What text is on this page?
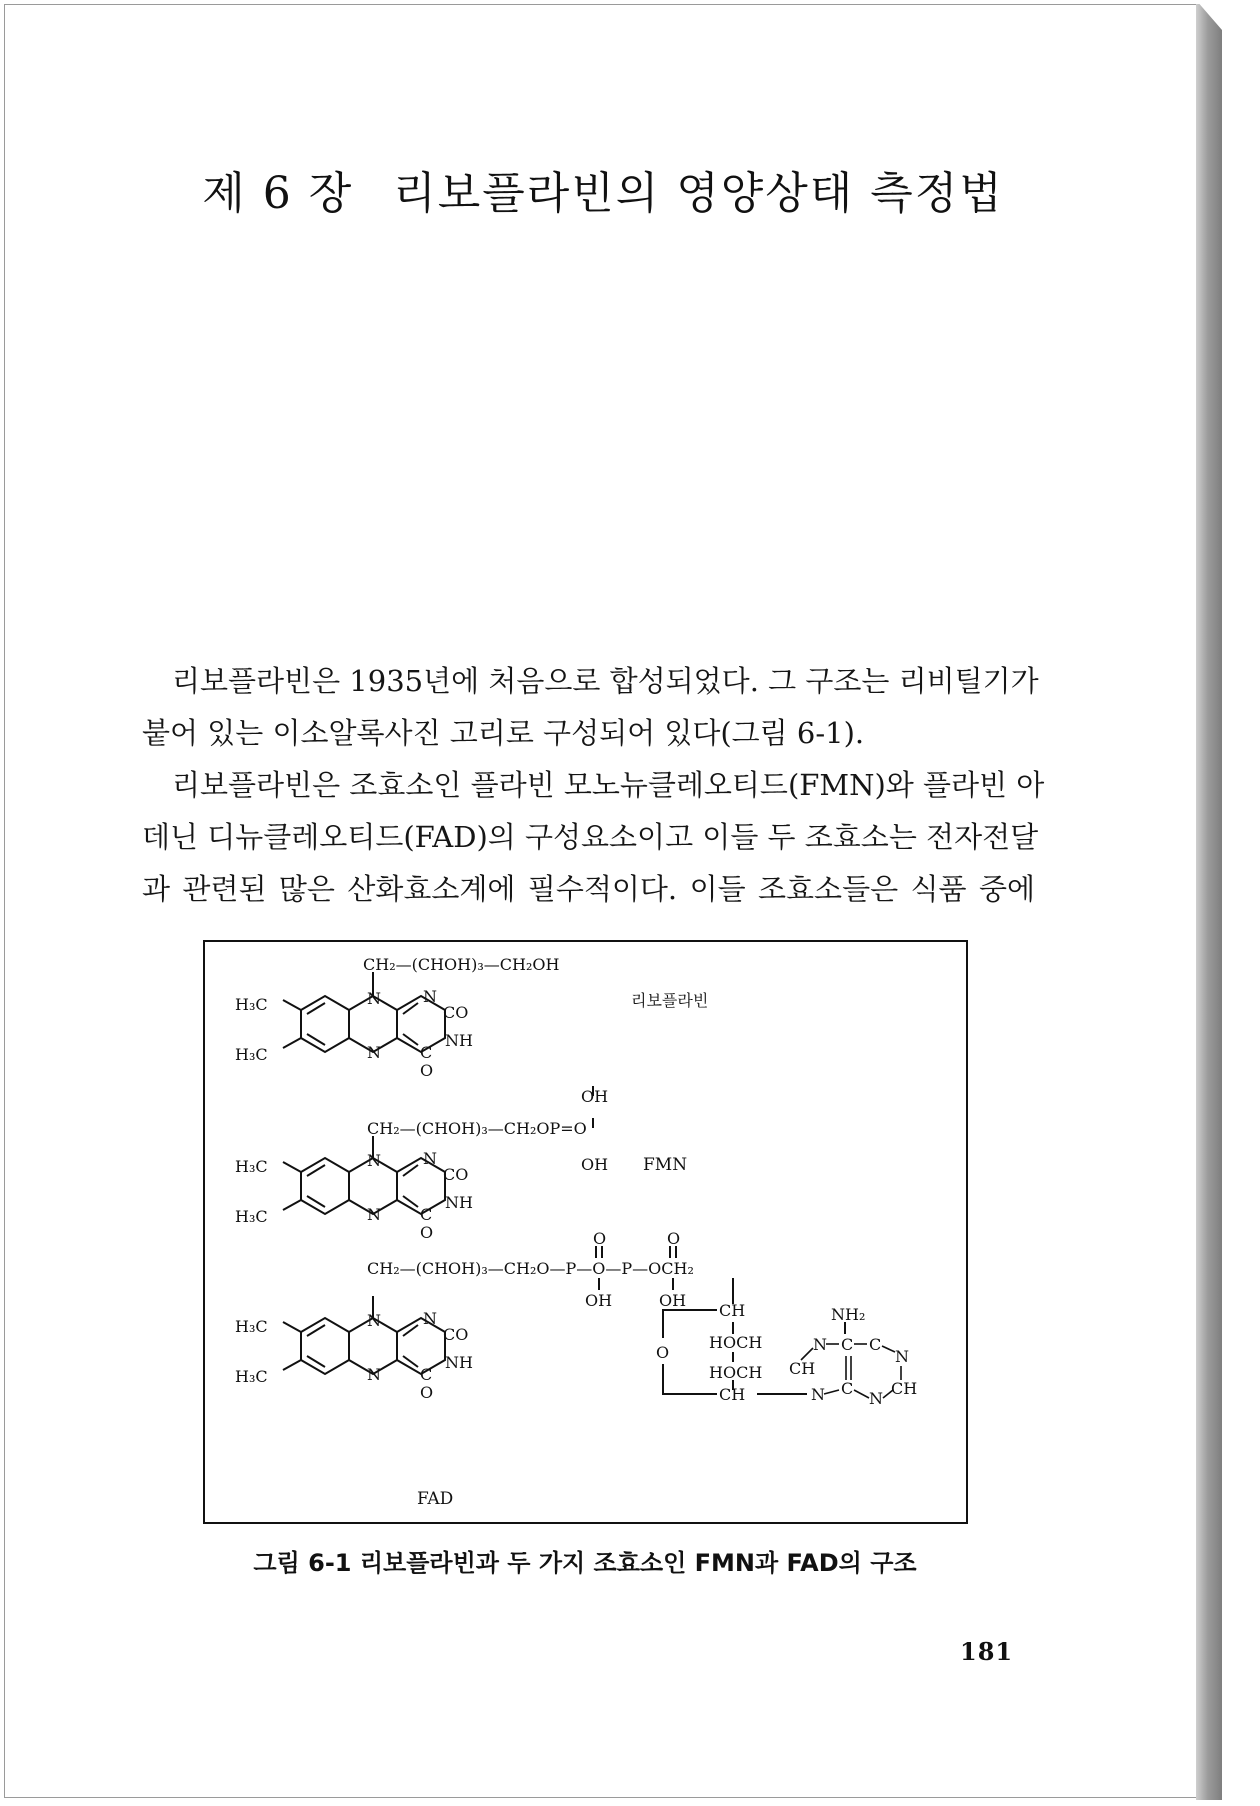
제 6 장 리보플라빈의 영양상태 측정법
리보플라빈은 1935년에 처음으로 합성되었다. 그 구조는 리비틸기가
붙어 있는 이소알록사진 고리로 구성되어 있다(그림 6-1).
리보플라빈은 조효소인 플라빈 모노뉴클레오티드(FMN)와 플라빈 아
데닌 디뉴클레오티드(FAD)의 구성요소이고 이들 두 조효소는 전자전달
과 관련된 많은 산화효소계에 필수적이다. 이들 조효소들은 식품 중에
H₃C
H₃C
N
N
N
CO
NH
C
O
CH₂—(CHOH)₃—CH₂OH
리보플라빈
H₃C
H₃C
N
N
N
CO
NH
C
O
OH
CH₂—(CHOH)₃—CH₂OP=O
OH FMN
H₃C
H₃C
N
N
N
CO
NH
C
O
O	O
CH₂—(CHOH)₃—CH₂O—P—O—P—OCH₂
OH	OH
CH
HOCH
O
HOCH
CH
NH₂
N C C
N
CH
N C
N
CH
FAD
그림 6-1 리보플라빈과 두 가지 조효소인 FMN과 FAD의 구조
181
